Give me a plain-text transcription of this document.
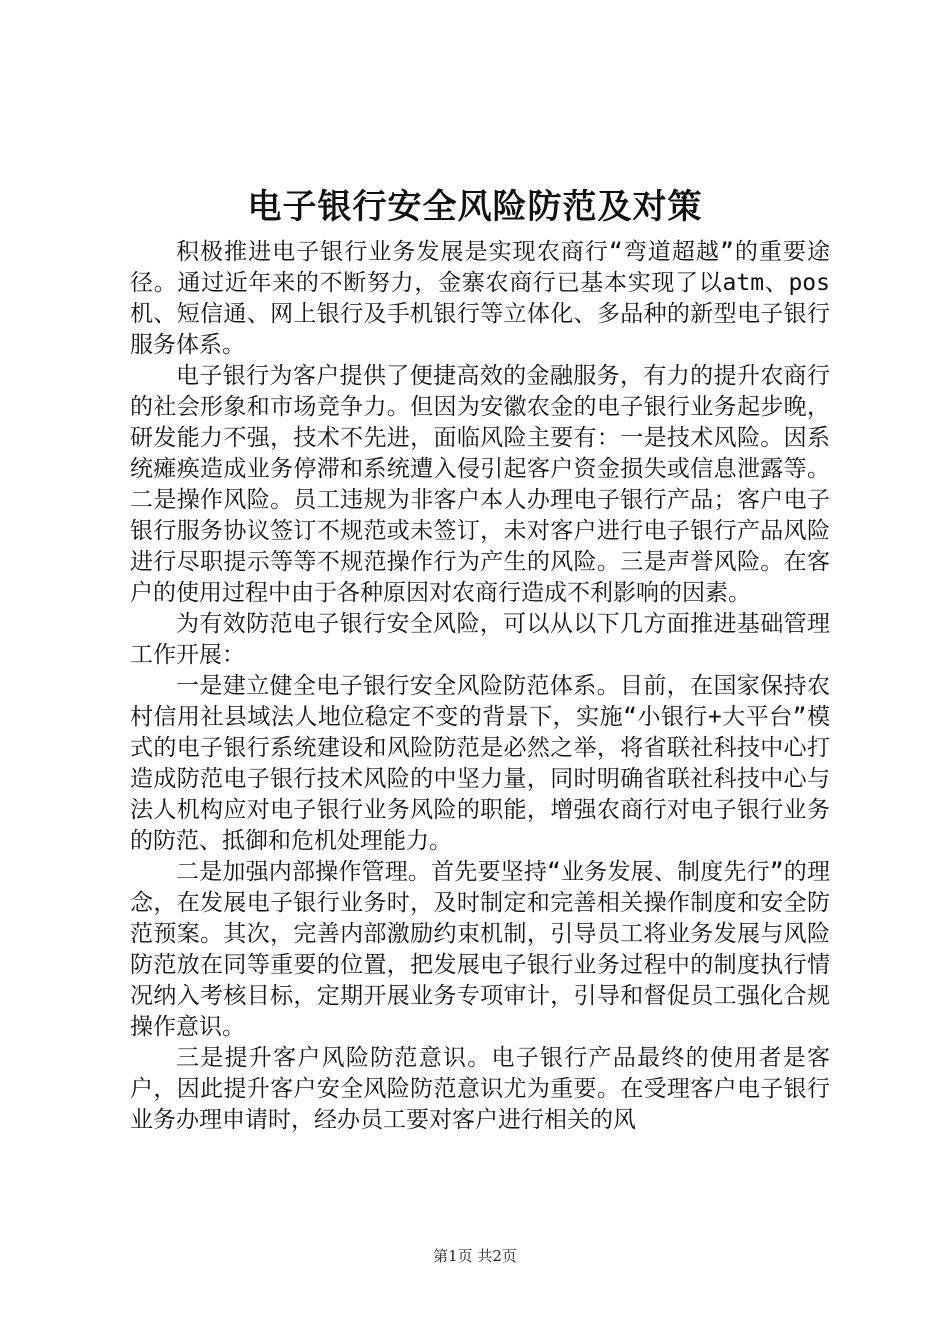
电子银行安全风险防范及对策

积极推进电子银行业务发展是实现农商行“弯道超越”的重要途径。通过近年来的不断努力，金寨农商行已基本实现了以atm、pos机、短信通、网上银行及手机银行等立体化、多品种的新型电子银行服务体系。

电子银行为客户提供了便捷高效的金融服务，有力的提升农商行的社会形象和市场竞争力。但因为安徽农金的电子银行业务起步晚，研发能力不强，技术不先进，面临风险主要有：一是技术风险。因系统瘫痪造成业务停滞和系统遭入侵引起客户资金损失或信息泄露等。二是操作风险。员工违规为非客户本人办理电子银行产品；客户电子银行服务协议签订不规范或未签订，未对客户进行电子银行产品风险进行尽职提示等等不规范操作行为产生的风险。三是声誉风险。在客户的使用过程中由于各种原因对农商行造成不利影响的因素。

为有效防范电子银行安全风险，可以从以下几方面推进基础管理工作开展：

一是建立健全电子银行安全风险防范体系。目前，在国家保持农村信用社县域法人地位稳定不变的背景下，实施“小银行+大平台”模式的电子银行系统建设和风险防范是必然之举，将省联社科技中心打造成防范电子银行技术风险的中坚力量，同时明确省联社科技中心与法人机构应对电子银行业务风险的职能，增强农商行对电子银行业务的防范、抵御和危机处理能力。

二是加强内部操作管理。首先要坚持“业务发展、制度先行”的理念，在发展电子银行业务时，及时制定和完善相关操作制度和安全防范预案。其次，完善内部激励约束机制，引导员工将业务发展与风险防范放在同等重要的位置，把发展电子银行业务过程中的制度执行情况纳入考核目标，定期开展业务专项审计，引导和督促员工强化合规操作意识。

三是提升客户风险防范意识。电子银行产品最终的使用者是客户，因此提升客户安全风险防范意识尤为重要。在受理客户电子银行业务办理申请时，经办员工要对客户进行相关的风

第1页 共2页
